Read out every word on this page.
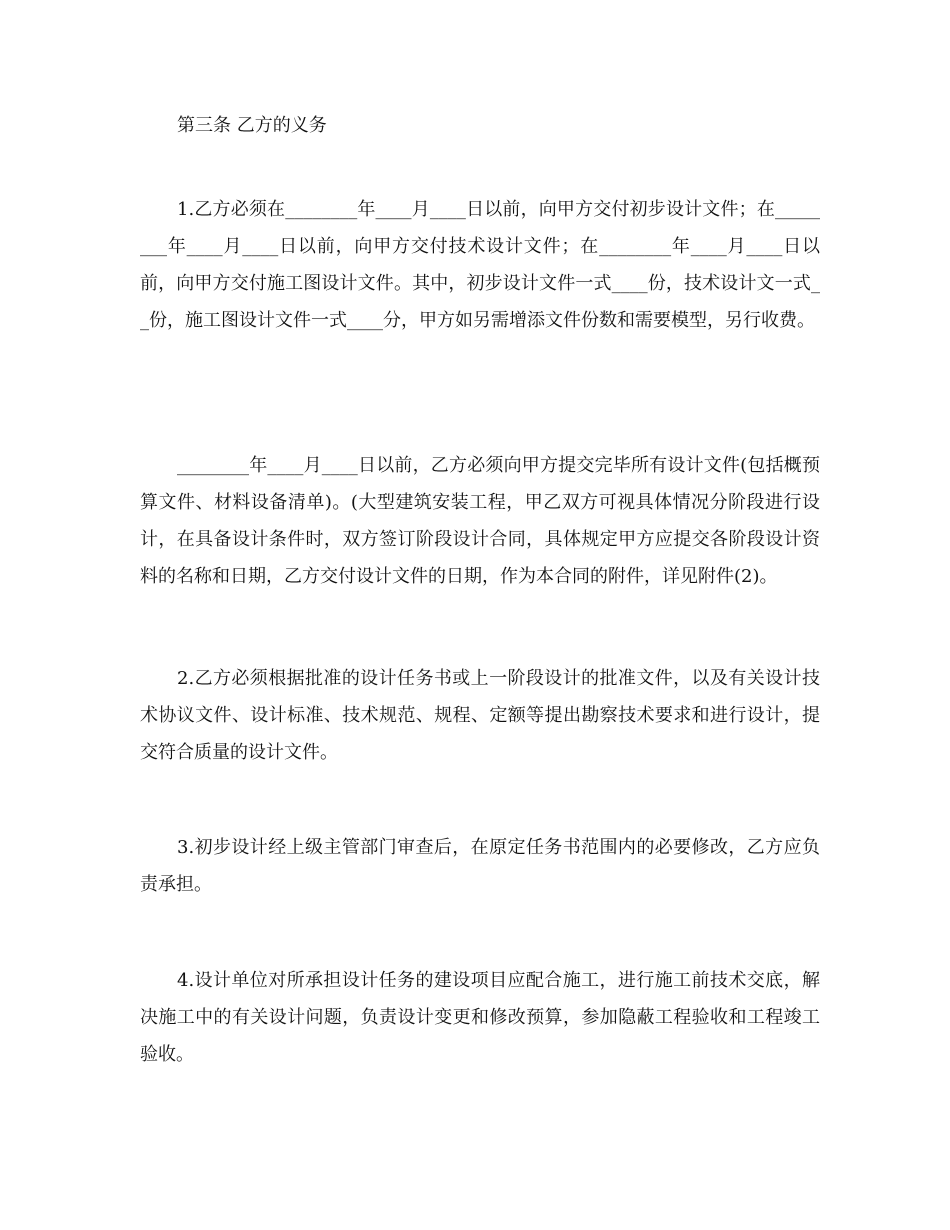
第三条 乙方的义务
1.乙方必须在________年____月____日以前，向甲方交付初步设计文件；在________年____月____日以前，向甲方交付技术设计文件；在________年____月____日以前，向甲方交付施工图设计文件。其中，初步设计文件一式____份，技术设计文一式__份，施工图设计文件一式____分，甲方如另需增添文件份数和需要模型，另行收费。
________年____月____日以前，乙方必须向甲方提交完毕所有设计文件(包括概预算文件、材料设备清单)。(大型建筑安装工程，甲乙双方可视具体情况分阶段进行设计，在具备设计条件时，双方签订阶段设计合同，具体规定甲方应提交各阶段设计资料的名称和日期，乙方交付设计文件的日期，作为本合同的附件，详见附件(2)。
2.乙方必须根据批准的设计任务书或上一阶段设计的批准文件，以及有关设计技术协议文件、设计标准、技术规范、规程、定额等提出勘察技术要求和进行设计，提交符合质量的设计文件。
3.初步设计经上级主管部门审查后，在原定任务书范围内的必要修改，乙方应负责承担。
4.设计单位对所承担设计任务的建设项目应配合施工，进行施工前技术交底，解决施工中的有关设计问题，负责设计变更和修改预算，参加隐蔽工程验收和工程竣工验收。
